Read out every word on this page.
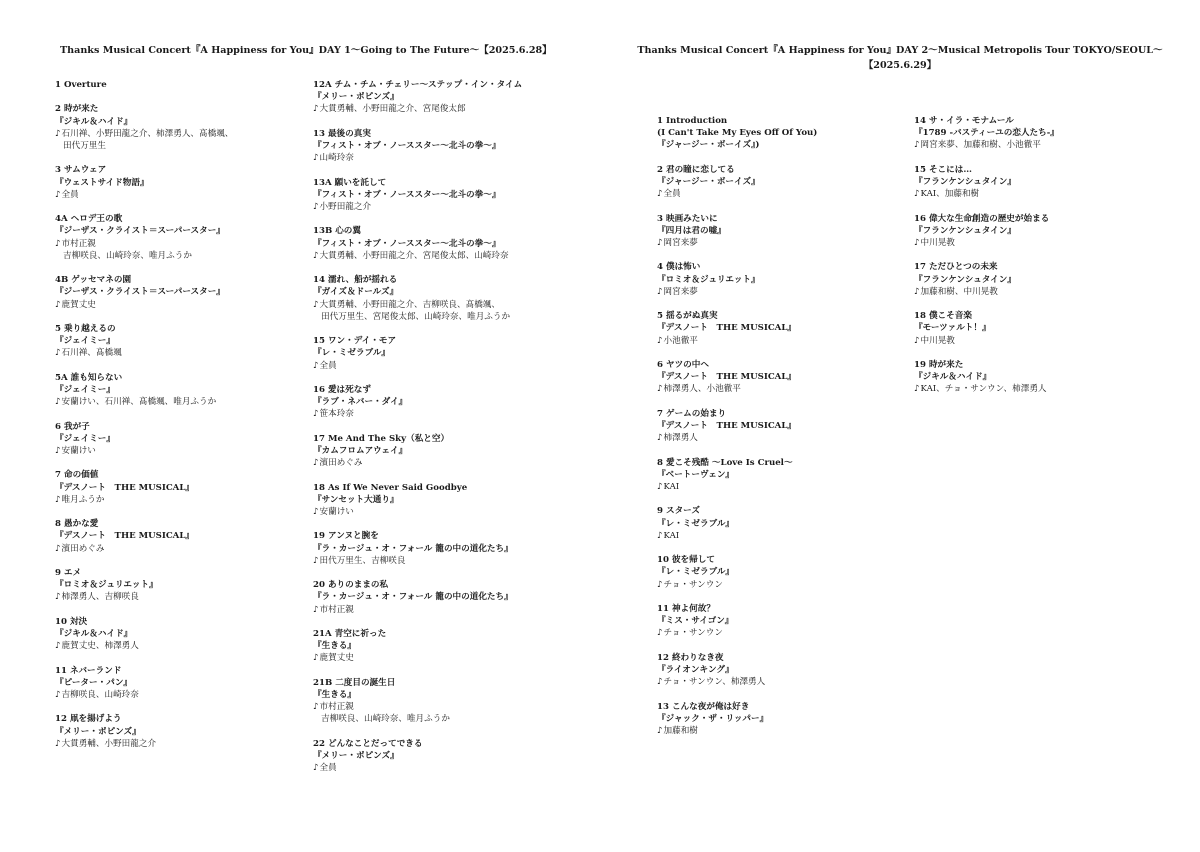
Thanks Musical Concert『A Happiness for You』DAY 1〜Going to The Future〜【2025.6.28】	Thanks Musical Concert『A Happiness for You』DAY 2〜Musical Metropolis Tour TOKYO/SEOUL〜
【2025.6.29】
1 Overture
2 時が来た
『ジキル＆ハイド』
♪ 石川禅、小野田龍之介、柿澤勇人、髙橋颯、
田代万里生
3 サムウェア
『ウェストサイド物語』
♪ 全員
4A ヘロデ王の歌
『ジーザス・クライスト＝スーパースター』
♪ 市村正親
吉柳咲良、山崎玲奈、唯月ふうか
4B ゲッセマネの園
『ジーザス・クライスト＝スーパースター』
♪ 鹿賀丈史
5 乗り越えるの
『ジェイミー』
♪ 石川禅、髙橋颯
5A 誰も知らない
『ジェイミー』
♪ 安蘭けい、石川禅、髙橋颯、唯月ふうか
6 我が子
『ジェイミー』
♪ 安蘭けい
7 命の価値
『デスノート　THE MUSICAL』
♪ 唯月ふうか
8 愚かな愛
『デスノート　THE MUSICAL』
♪ 濱田めぐみ
9 エメ
『ロミオ＆ジュリエット』
♪ 柿澤勇人、吉柳咲良
10 対決
『ジキル＆ハイド』
♪ 鹿賀丈史、柿澤勇人
11 ネバーランド
『ピーター・パン』
♪ 吉柳咲良、山崎玲奈
12 凧を揚げよう
『メリー・ポピンズ』
♪ 大貫勇輔、小野田龍之介
12A チム・チム・チェリー〜ステップ・イン・タイム
『メリー・ポピンズ』
♪ 大貫勇輔、小野田龍之介、宮尾俊太郎
13 最後の真実
『フィスト・オブ・ノーススター〜北斗の拳〜』
♪ 山崎玲奈
13A 願いを託して
『フィスト・オブ・ノーススター〜北斗の拳〜』
♪ 小野田龍之介
13B 心の翼
『フィスト・オブ・ノーススター〜北斗の拳〜』
♪ 大貫勇輔、小野田龍之介、宮尾俊太郎、山崎玲奈
14 濡れ、船が揺れる
『ガイズ＆ドールズ』
♪ 大貫勇輔、小野田龍之介、吉柳咲良、髙橋颯、
田代万里生、宮尾俊太郎、山崎玲奈、唯月ふうか
15 ワン・デイ・モア
『レ・ミゼラブル』
♪ 全員
16 愛は死なず
『ラブ・ネバー・ダイ』
♪ 笹本玲奈
17 Me And The Sky（私と空）
『カムフロムアウェイ』
♪ 濱田めぐみ
18 As If We Never Said Goodbye
『サンセット大通り』
♪ 安蘭けい
19 アンヌと腕を
『ラ・カージュ・オ・フォール 籠の中の道化たち』
♪ 田代万里生、吉柳咲良
20 ありのままの私
『ラ・カージュ・オ・フォール 籠の中の道化たち』
♪ 市村正親
21A 青空に祈った
『生きる』
♪ 鹿賀丈史
21B 二度目の誕生日
『生きる』
♪ 市村正親
吉柳咲良、山崎玲奈、唯月ふうか
22 どんなことだってできる
『メリー・ポピンズ』
♪ 全員
1 Introduction
(I Can't Take My Eyes Off Of You)
『ジャージー・ボーイズ』)
2 君の瞳に恋してる
『ジャージー・ボーイズ』
♪ 全員
3 映画みたいに
『四月は君の嘘』
♪ 岡宮来夢
4 僕は怖い
『ロミオ＆ジュリエット』
♪ 岡宮来夢
5 揺るがぬ真実
『デスノート　THE MUSICAL』
♪ 小池徹平
6 ヤツの中へ
『デスノート　THE MUSICAL』
♪ 柿澤勇人、小池徹平
7 ゲームの始まり
『デスノート　THE MUSICAL』
♪ 柿澤勇人
8 愛こそ残酷 〜Love Is Cruel〜
『ベートーヴェン』
♪ KAI
9 スターズ
『レ・ミゼラブル』
♪ KAI
10 彼を帰して
『レ・ミゼラブル』
♪ チョ・サンウン
11 神よ何故？
『ミス・サイゴン』
♪ チョ・サンウン
12 終わりなき夜
『ライオンキング』
♪ チョ・サンウン、柿澤勇人
13 こんな夜が俺は好き
『ジャック・ザ・リッパー』
♪ 加藤和樹
14 サ・イラ・モナムール
『1789 -バスティーユの恋人たち-』
♪ 岡宮来夢、加藤和樹、小池徹平
15 そこには…
『フランケンシュタイン』
♪ KAI、加藤和樹
16 偉大な生命創造の歴史が始まる
『フランケンシュタイン』
♪ 中川晃教
17 ただひとつの未来
『フランケンシュタイン』
♪ 加藤和樹、中川晃教
18 僕こそ音楽
『モーツァルト！』
♪ 中川晃教
19 時が来た
『ジキル＆ハイド』
♪ KAI、チョ・サンウン、柿澤勇人
